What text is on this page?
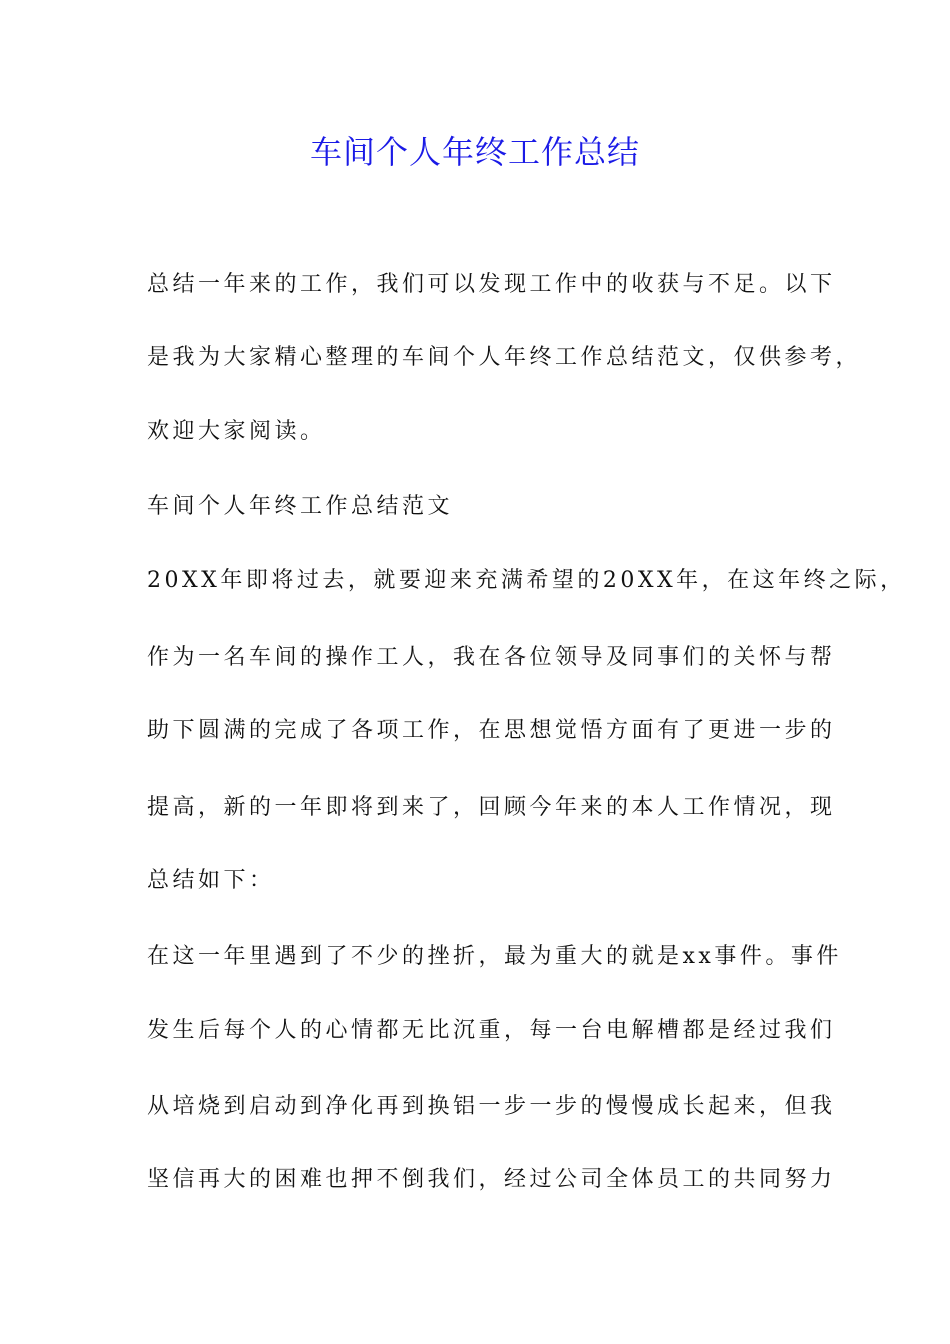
车间个人年终工作总结
总结一年来的工作，我们可以发现工作中的收获与不足。以下
是我为大家精心整理的车间个人年终工作总结范文，仅供参考，
欢迎大家阅读。
车间个人年终工作总结范文
20XX年即将过去，就要迎来充满希望的20XX年，在这年终之际，
作为一名车间的操作工人，我在各位领导及同事们的关怀与帮
助下圆满的完成了各项工作，在思想觉悟方面有了更进一步的
提高，新的一年即将到来了，回顾今年来的本人工作情况，现
总结如下：
在这一年里遇到了不少的挫折，最为重大的就是xx事件。事件
发生后每个人的心情都无比沉重，每一台电解槽都是经过我们
从培烧到启动到净化再到换铝一步一步的慢慢成长起来，但我
坚信再大的困难也押不倒我们，经过公司全体员工的共同努力
